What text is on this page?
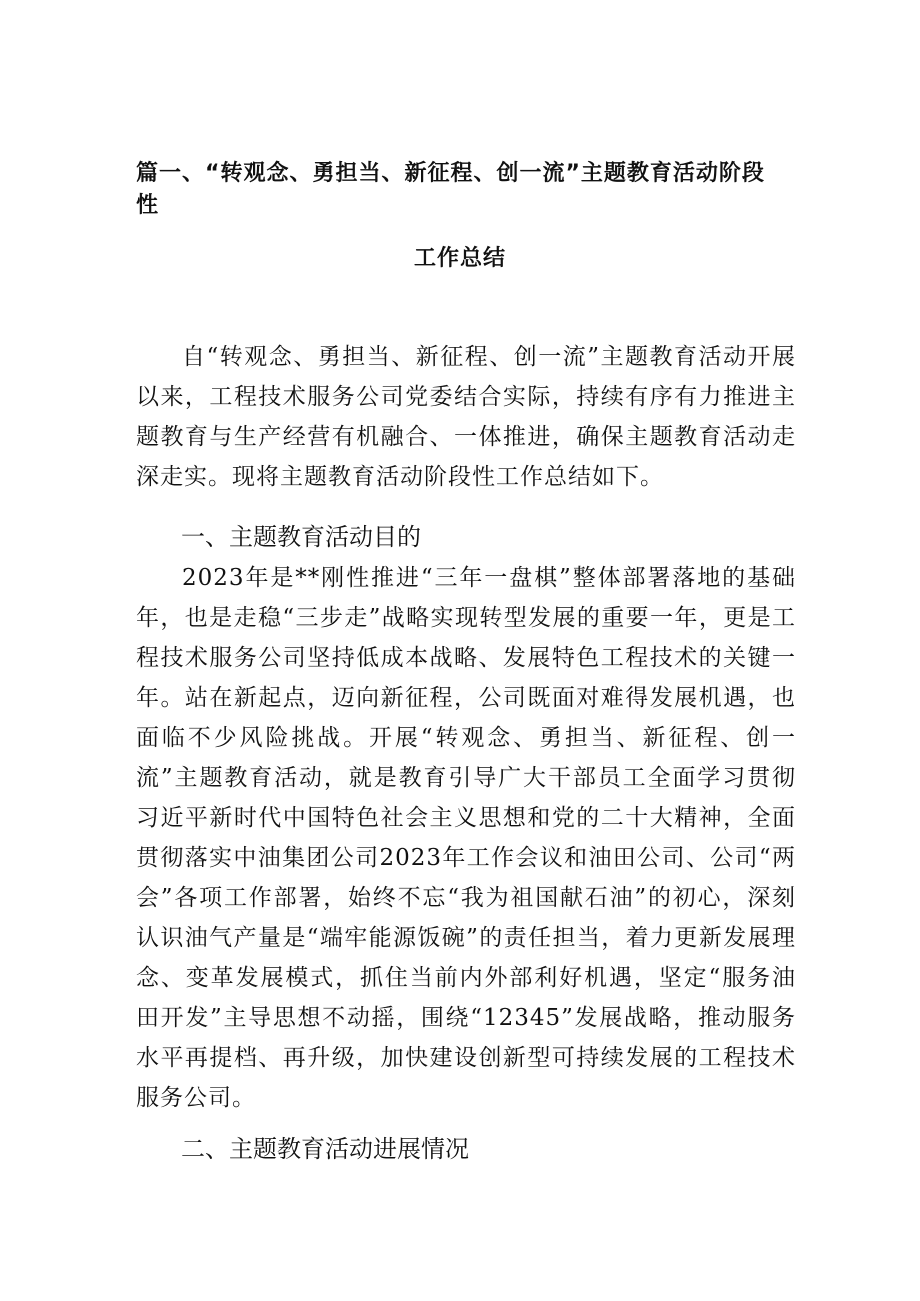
篇一、“转观念、勇担当、新征程、创一流”主题教育活动阶段
性
工作总结
自“转观念、勇担当、新征程、创一流”主题教育活动开展以来，工程技术服务公司党委结合实际，持续有序有力推进主题教育与生产经营有机融合、一体推进，确保主题教育活动走深走实。现将主题教育活动阶段性工作总结如下。
一、主题教育活动目的
2023年是**刚性推进“三年一盘棋”整体部署落地的基础年，也是走稳“三步走”战略实现转型发展的重要一年，更是工程技术服务公司坚持低成本战略、发展特色工程技术的关键一年。站在新起点，迈向新征程，公司既面对难得发展机遇，也面临不少风险挑战。开展“转观念、勇担当、新征程、创一流”主题教育活动，就是教育引导广大干部员工全面学习贯彻习近平新时代中国特色社会主义思想和党的二十大精神，全面贯彻落实中油集团公司2023年工作会议和油田公司、公司“两会”各项工作部署，始终不忘“我为祖国献石油”的初心，深刻认识油气产量是“端牢能源饭碗”的责任担当，着力更新发展理念、变革发展模式，抓住当前内外部利好机遇，坚定“服务油田开发”主导思想不动摇，围绕“12345”发展战略，推动服务水平再提档、再升级，加快建设创新型可持续发展的工程技术服务公司。
二、主题教育活动进展情况
